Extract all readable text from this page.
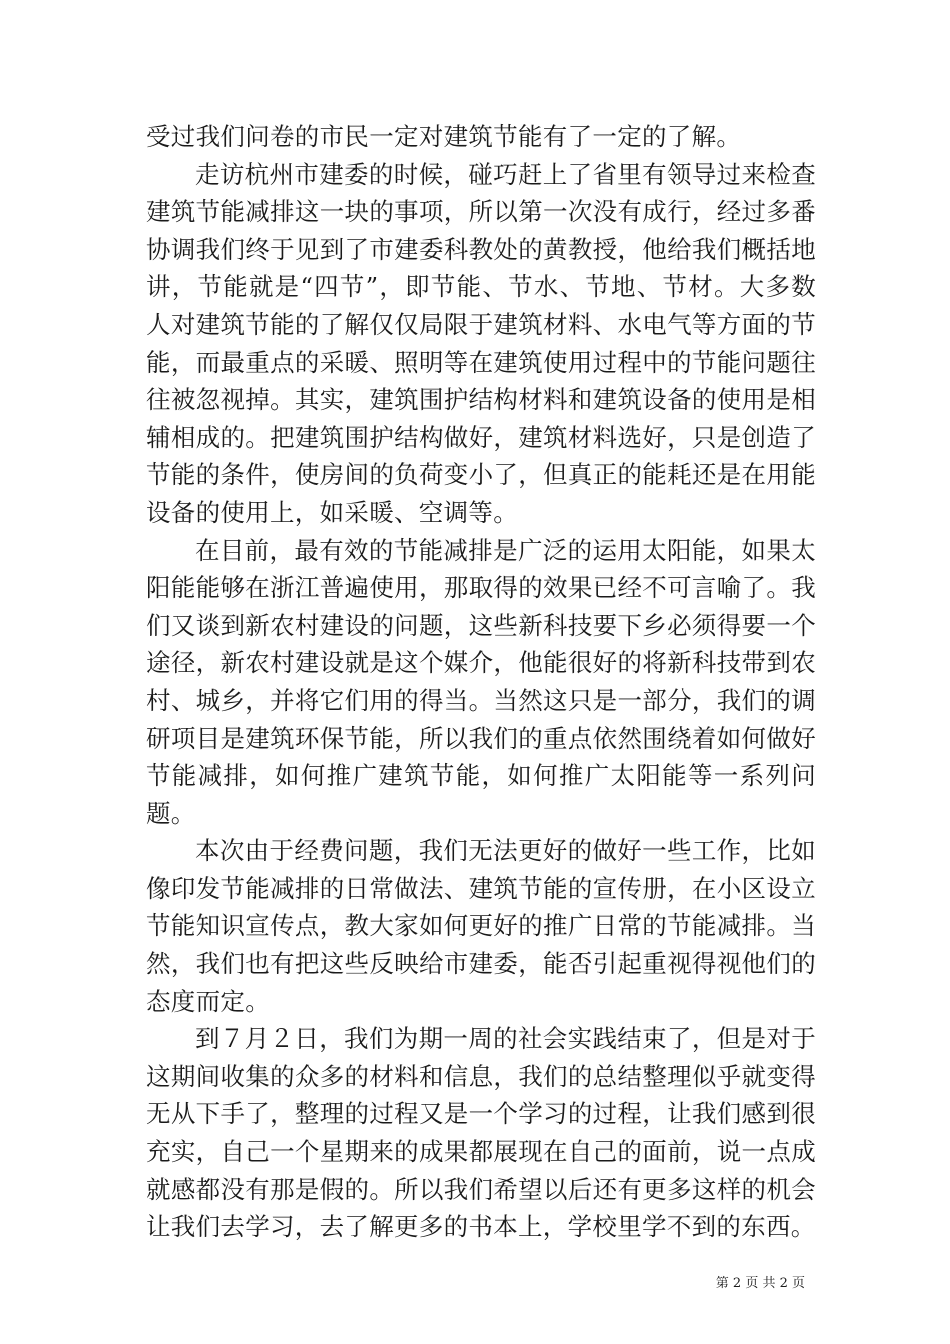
受过我们问卷的市民一定对建筑节能有了一定的了解。

走访杭州市建委的时候，碰巧赶上了省里有领导过来检查建筑节能减排这一块的事项，所以第一次没有成行，经过多番协调我们终于见到了市建委科教处的黄教授，他给我们概括地讲，节能就是“四节”，即节能、节水、节地、节材。大多数人对建筑节能的了解仅仅局限于建筑材料、水电气等方面的节能，而最重点的采暖、照明等在建筑使用过程中的节能问题往往被忽视掉。其实，建筑围护结构材料和建筑设备的使用是相辅相成的。把建筑围护结构做好，建筑材料选好，只是创造了节能的条件，使房间的负荷变小了，但真正的能耗还是在用能设备的使用上，如采暖、空调等。

在目前，最有效的节能减排是广泛的运用太阳能，如果太阳能能够在浙江普遍使用，那取得的效果已经不可言喻了。我们又谈到新农村建设的问题，这些新科技要下乡必须得要一个途径，新农村建设就是这个媒介，他能很好的将新科技带到农村、城乡，并将它们用的得当。当然这只是一部分，我们的调研项目是建筑环保节能，所以我们的重点依然围绕着如何做好节能减排，如何推广建筑节能，如何推广太阳能等一系列问题。

本次由于经费问题，我们无法更好的做好一些工作，比如像印发节能减排的日常做法、建筑节能的宣传册，在小区设立节能知识宣传点，教大家如何更好的推广日常的节能减排。当然，我们也有把这些反映给市建委，能否引起重视得视他们的态度而定。

到７月２日，我们为期一周的社会实践结束了，但是对于这期间收集的众多的材料和信息，我们的总结整理似乎就变得无从下手了，整理的过程又是一个学习的过程，让我们感到很充实，自己一个星期来的成果都展现在自己的面前，说一点成就感都没有那是假的。所以我们希望以后还有更多这样的机会让我们去学习，去了解更多的书本上，学校里学不到的东西。

第 2 页 共 2 页
